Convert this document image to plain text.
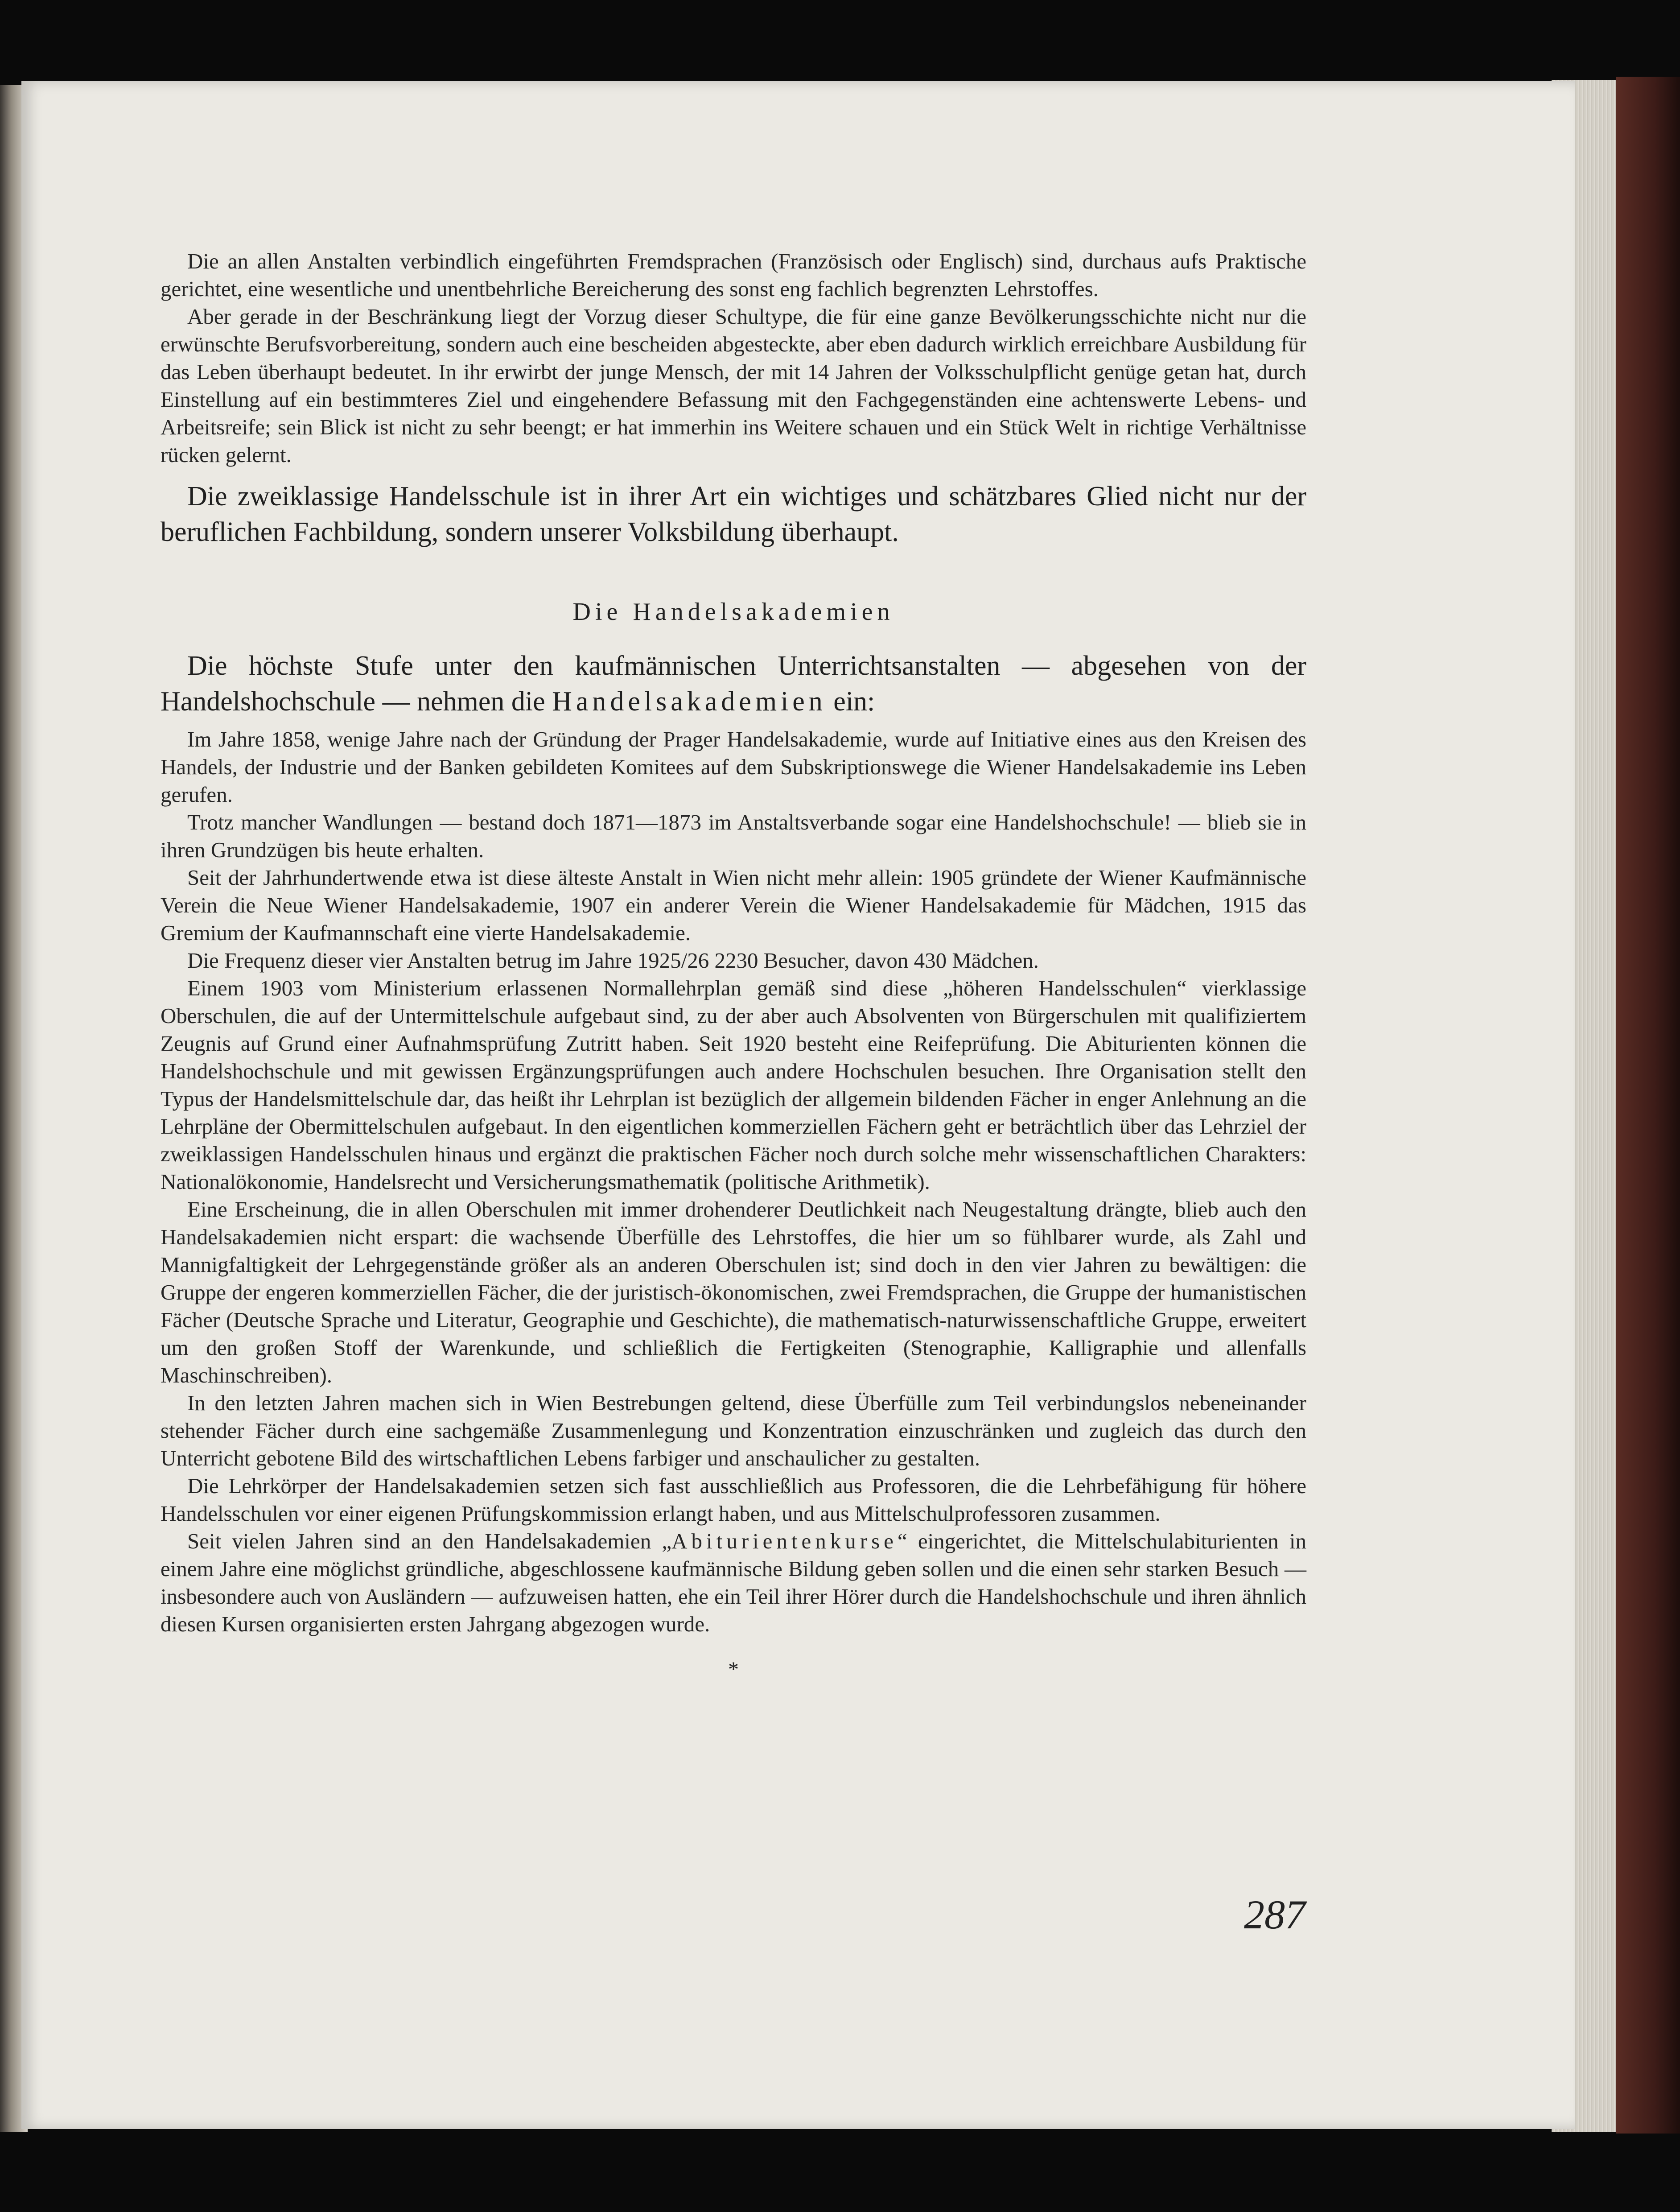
Die an allen Anstalten verbindlich eingeführten Fremdsprachen (Französisch oder Englisch) sind, durchaus aufs Praktische gerichtet, eine wesentliche und unentbehrliche Bereicherung des sonst eng fachlich begrenzten Lehrstoffes.

Aber gerade in der Beschränkung liegt der Vorzug dieser Schultype, die für eine ganze Bevölkerungsschichte nicht nur die erwünschte Berufsvorbereitung, sondern auch eine bescheiden abgesteckte, aber eben dadurch wirklich erreichbare Ausbildung für das Leben überhaupt bedeutet. In ihr erwirbt der junge Mensch, der mit 14 Jahren der Volksschulpflicht genüge getan hat, durch Einstellung auf ein bestimmteres Ziel und eingehendere Befassung mit den Fachgegenständen eine achtenswerte Lebens- und Arbeitsreife; sein Blick ist nicht zu sehr beengt; er hat immerhin ins Weitere schauen und ein Stück Welt in richtige Verhältnisse rücken gelernt.

Die zweiklassige Handelsschule ist in ihrer Art ein wichtiges und schätzbares Glied nicht nur der beruflichen Fachbildung, sondern unserer Volksbildung überhaupt.

Die Handelsakademien

Die höchste Stufe unter den kaufmännischen Unterrichtsanstalten — abgesehen von der Handelshochschule — nehmen die Handelsakademien ein:

Im Jahre 1858, wenige Jahre nach der Gründung der Prager Handelsakademie, wurde auf Initiative eines aus den Kreisen des Handels, der Industrie und der Banken gebildeten Komitees auf dem Subskriptionswege die Wiener Handelsakademie ins Leben gerufen.

Trotz mancher Wandlungen — bestand doch 1871—1873 im Anstaltsverbande sogar eine Handelshochschule! — blieb sie in ihren Grundzügen bis heute erhalten.

Seit der Jahrhundertwende etwa ist diese älteste Anstalt in Wien nicht mehr allein: 1905 gründete der Wiener Kaufmännische Verein die Neue Wiener Handelsakademie, 1907 ein anderer Verein die Wiener Handelsakademie für Mädchen, 1915 das Gremium der Kaufmannschaft eine vierte Handelsakademie.

Die Frequenz dieser vier Anstalten betrug im Jahre 1925/26 2230 Besucher, davon 430 Mädchen.

Einem 1903 vom Ministerium erlassenen Normallehrplan gemäß sind diese „höheren Handelsschulen“ vierklassige Oberschulen, die auf der Untermittelschule aufgebaut sind, zu der aber auch Absolventen von Bürgerschulen mit qualifiziertem Zeugnis auf Grund einer Aufnahmsprüfung Zutritt haben. Seit 1920 besteht eine Reifeprüfung. Die Abiturienten können die Handelshochschule und mit gewissen Ergänzungsprüfungen auch andere Hochschulen besuchen. Ihre Organisation stellt den Typus der Handelsmittelschule dar, das heißt ihr Lehrplan ist bezüglich der allgemein bildenden Fächer in enger Anlehnung an die Lehrpläne der Obermittelschulen aufgebaut. In den eigentlichen kommerziellen Fächern geht er beträchtlich über das Lehrziel der zweiklassigen Handelsschulen hinaus und ergänzt die praktischen Fächer noch durch solche mehr wissenschaftlichen Charakters: Nationalökonomie, Handelsrecht und Versicherungsmathematik (politische Arithmetik).

Eine Erscheinung, die in allen Oberschulen mit immer drohenderer Deutlichkeit nach Neugestaltung drängte, blieb auch den Handelsakademien nicht erspart: die wachsende Überfülle des Lehrstoffes, die hier um so fühlbarer wurde, als Zahl und Mannigfaltigkeit der Lehrgegenstände größer als an anderen Oberschulen ist; sind doch in den vier Jahren zu bewältigen: die Gruppe der engeren kommerziellen Fächer, die der juristisch-ökonomischen, zwei Fremdsprachen, die Gruppe der humanistischen Fächer (Deutsche Sprache und Literatur, Geographie und Geschichte), die mathematisch-naturwissenschaftliche Gruppe, erweitert um den großen Stoff der Warenkunde, und schließlich die Fertigkeiten (Stenographie, Kalligraphie und allenfalls Maschinschreiben).

In den letzten Jahren machen sich in Wien Bestrebungen geltend, diese Überfülle zum Teil verbindungslos nebeneinander stehender Fächer durch eine sachgemäße Zusammenlegung und Konzentration einzuschränken und zugleich das durch den Unterricht gebotene Bild des wirtschaftlichen Lebens farbiger und anschaulicher zu gestalten.

Die Lehrkörper der Handelsakademien setzen sich fast ausschließlich aus Professoren, die die Lehrbefähigung für höhere Handelsschulen vor einer eigenen Prüfungskommission erlangt haben, und aus Mittelschulprofessoren zusammen.

Seit vielen Jahren sind an den Handelsakademien „Abiturientenkurse“ eingerichtet, die Mittelschulabiturienten in einem Jahre eine möglichst gründliche, abgeschlossene kaufmännische Bildung geben sollen und die einen sehr starken Besuch — insbesondere auch von Ausländern — aufzuweisen hatten, ehe ein Teil ihrer Hörer durch die Handelshochschule und ihren ähnlich diesen Kursen organisierten ersten Jahrgang abgezogen wurde.

*

287
